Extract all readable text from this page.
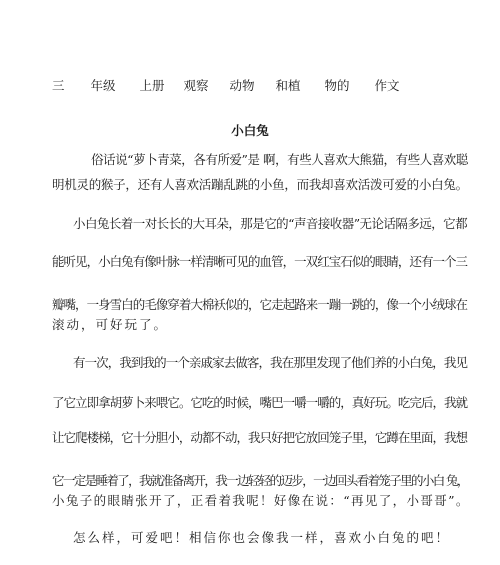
三 年级 上册 观察 动物 和植 物的 作文
小白兔

俗话说“萝卜青菜，各有所爱”是 啊，有些人喜欢大熊猫，有些人喜欢聪

明机灵的猴子，还有人喜欢活蹦乱跳的小鱼，而我却喜欢活泼可爱的小白兔。

小白兔长着一对长长的大耳朵，那是它的“声音接收器”无论话隔多远，它都

能听见，小白兔有像叶脉一样清晰可见的血管，一双红宝石似的眼睛，还有一个三

瓣嘴，一身雪白的毛像穿着大棉袄似的，它走起路来一蹦一跳的，像一个小绒球在

滚动，可好玩了。

有一次，我到我的一个亲戚家去做客，我在那里发现了他们养的小白兔，我见

了它立即拿胡萝卜来喂它。它吃的时候，嘴巴一嚼一嚼的，真好玩。吃完后，我就

让它爬楼梯，它十分胆小，动都不动，我只好把它放回笼子里，它蹲在里面，我想

它一定是睡着了，我就准备离开，我一边轻轻的迈步，一边回头看着笼子里的小白 兔，

小兔子的眼睛张开了，正看着我呢！好像在说：“再见了，小哥哥”。

怎么样，可爱吧！相信你也会像我一样，喜欢小白兔的吧！
